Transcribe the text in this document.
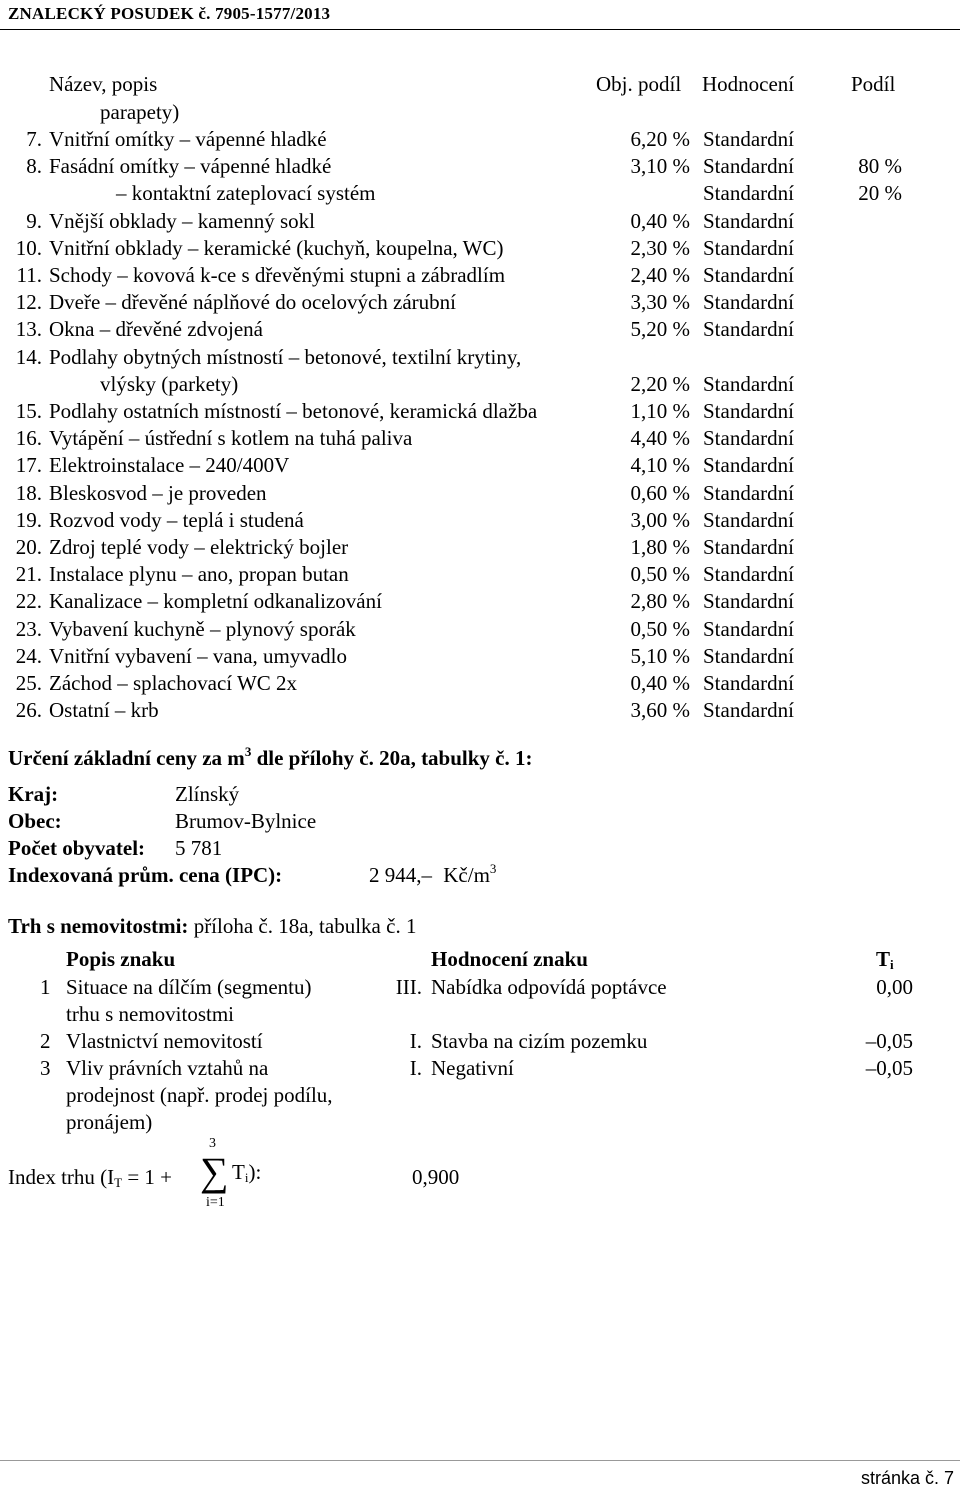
ZNALECKÝ POSUDEK č. 7905-1577/2013
Název, popis	Obj. podíl Hodnocení	Podíl
parapety)
7. Vnitřní omítky – vápenné hladké	6,20 % Standardní
8. Fasádní omítky – vápenné hladké	3,10 % Standardní	80 %
– kontaktní zateplovací systém	Standardní	20 %
9. Vnější obklady – kamenný sokl	0,40 % Standardní
10. Vnitřní obklady – keramické (kuchyň, koupelna, WC)	2,30 % Standardní
11. Schody – kovová k-ce s dřevěnými stupni a zábradlím	2,40 % Standardní
12. Dveře – dřevěné náplňové do ocelových zárubní	3,30 % Standardní
13. Okna – dřevěné zdvojená	5,20 % Standardní
14. Podlahy obytných místností – betonové, textilní krytiny,
vlýsky (parkety)	2,20 % Standardní
15. Podlahy ostatních místností – betonové, keramická dlažba	1,10 % Standardní
16. Vytápění – ústřední s kotlem na tuhá paliva	4,40 % Standardní
17. Elektroinstalace – 240/400V	4,10 % Standardní
18. Bleskosvod – je proveden	0,60 % Standardní
19. Rozvod vody – teplá i studená	3,00 % Standardní
20. Zdroj teplé vody – elektrický bojler	1,80 % Standardní
21. Instalace plynu – ano, propan butan	0,50 % Standardní
22. Kanalizace – kompletní odkanalizování	2,80 % Standardní
23. Vybavení kuchyně – plynový sporák	0,50 % Standardní
24. Vnitřní vybavení – vana, umyvadlo	5,10 % Standardní
25. Záchod – splachovací WC 2x	0,40 % Standardní
26. Ostatní – krb	3,60 % Standardní
Určení základní ceny za $m^3$ dle přílohy č. 20a, tabulky č. 1:
Kraj:	Zlínský
Obec:	Brumov-Bylnice
Počet obyvatel: 5 781
Indexovaná prům. cena (IPC):	2 944,– $Kč/m^3$
Trh s nemovitostmi: příloha č. 18a, tabulka č. 1
Popis znaku	Hodnocení znaku	$T_i$
1 Situace na dílčím (segmentu)
trhu s nemovitostmi
III. Nabídka odpovídá poptávce	0,00
2 Vlastnictví nemovitostí	I. Stavba na cizím pozemku	–0,05
3 Vliv právních vztahů na
prodejnost (např. prodej podílu,
pronájem)
I. Negativní	–0,05
Index trhu ($I_T = 1$ +
3
∑
i=1
$T_i$):	0,900
stránka č. 7
